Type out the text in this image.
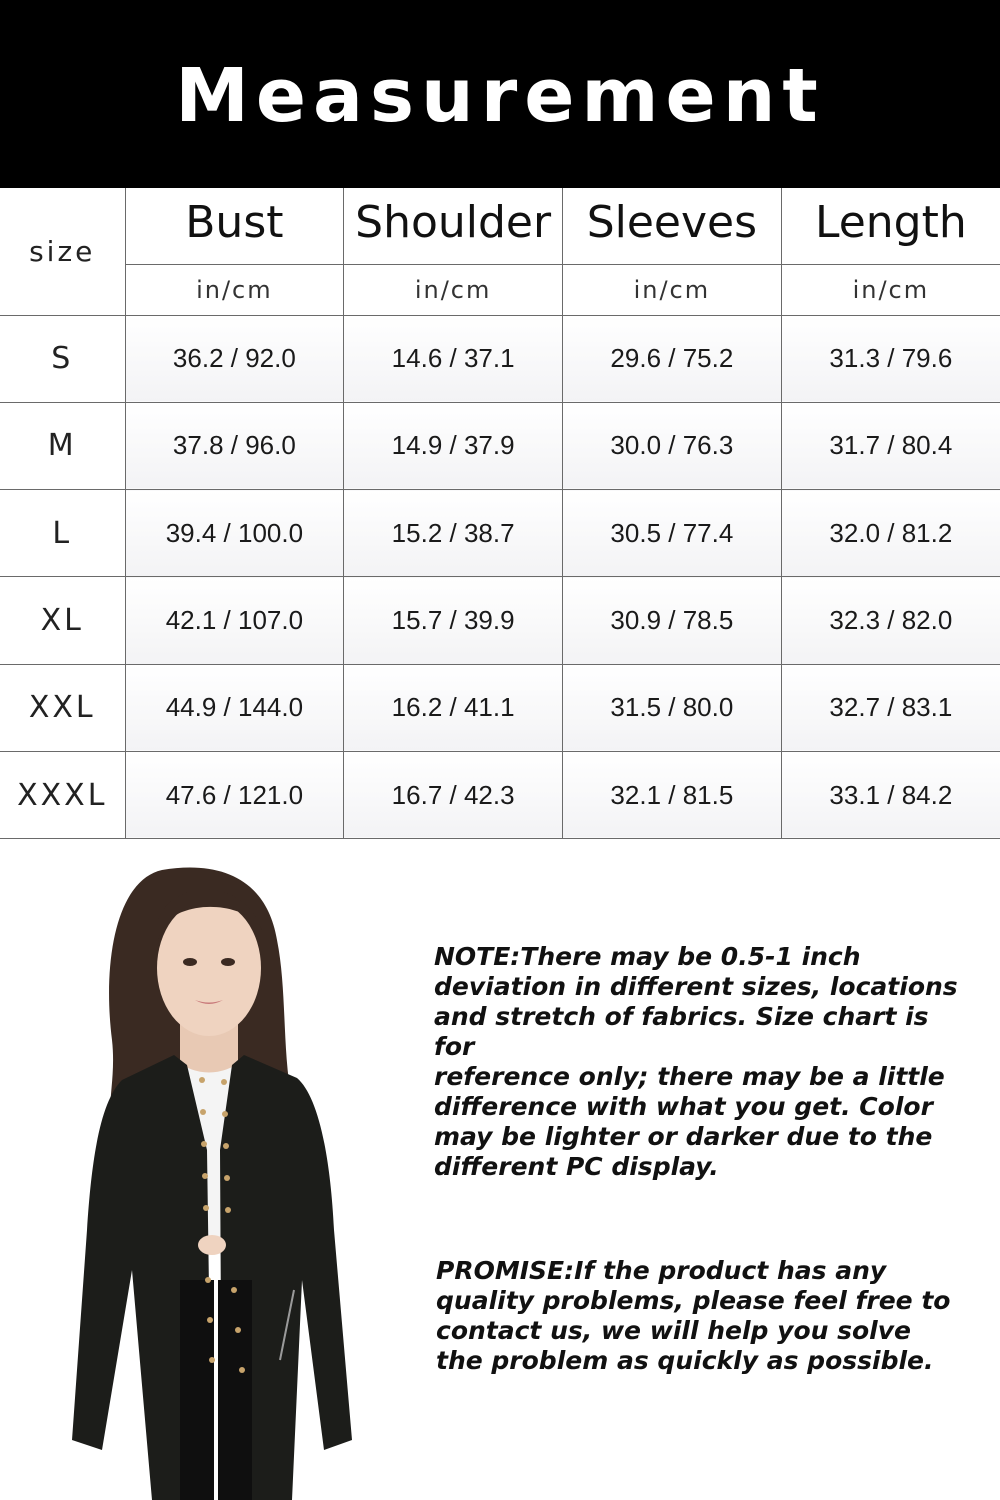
Measurement
size	Bust	Shoulder	Sleeves	Length
	in/cm	in/cm	in/cm	in/cm
S	36.2 / 92.0	14.6 / 37.1	29.6 / 75.2	31.3 / 79.6
M	37.8 / 96.0	14.9 / 37.9	30.0 / 76.3	31.7 / 80.4
L	39.4 / 100.0	15.2 / 38.7	30.5 / 77.4	32.0 / 81.2
XL	42.1 / 107.0	15.7 / 39.9	30.9 / 78.5	32.3 / 82.0
XXL	44.9 / 144.0	16.2 / 41.1	31.5 / 80.0	32.7 / 83.1
XXXL	47.6 / 121.0	16.7 / 42.3	32.1 / 81.5	33.1 / 84.2
NOTE:There may be 0.5-1 inch
deviation in different sizes, locations
and stretch of fabrics. Size chart is for
reference only; there may be a little
difference with what you get. Color
may be lighter or darker due to the
different PC display.
PROMISE:If the product has any
quality problems, please feel free to
contact us, we will help you solve
the problem as quickly as possible.
